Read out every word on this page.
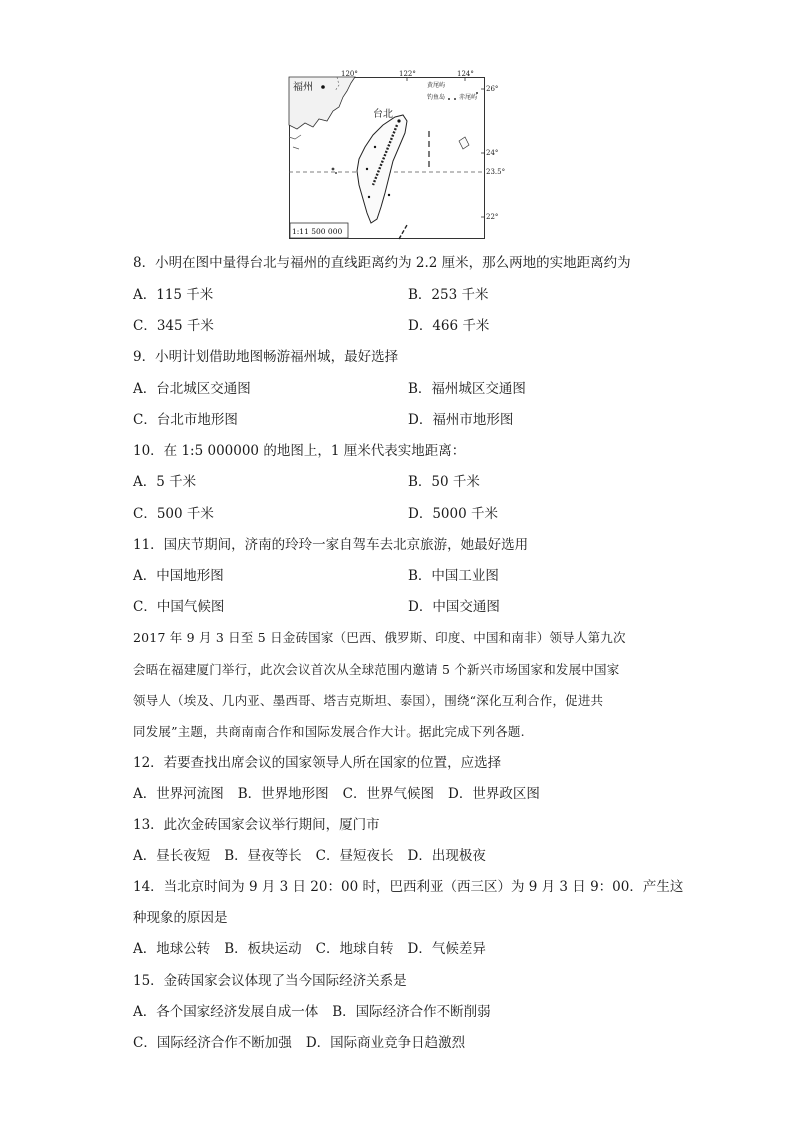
120°	122°	124°
26°
24°
23.5°
22°
福州
台北
黄尾屿
钓鱼岛 赤尾屿
1:11 500 000
8．小明在图中量得台北与福州的直线距离约为 2.2 厘米，那么两地的实地距离约为
A．115 千米	B．253 千米
C．345 千米	D．466 千米
9．小明计划借助地图畅游福州城，最好选择
A．台北城区交通图	B．福州城区交通图
C．台北市地形图	D．福州市地形图
10．在 1:5 000000 的地图上，1 厘米代表实地距离：
A．5 千米	B．50 千米
C．500 千米	D．5000 千米
11．国庆节期间，济南的玲玲一家自驾车去北京旅游，她最好选用
A．中国地形图	B．中国工业图
C．中国气候图	D．中国交通图
2017 年 9 月 3 日至 5 日金砖国家（巴西、俄罗斯、印度、中国和南非）领导人第九次
会晤在福建厦门举行，此次会议首次从全球范围内邀请 5 个新兴市场国家和发展中国家
领导人（埃及、几内亚、墨西哥、塔吉克斯坦、泰国），围绕“深化互利合作，促进共
同发展”主题，共商南南合作和国际发展合作大计。据此完成下列各题.
12．若要查找出席会议的国家领导人所在国家的位置，应选择
A．世界河流图 B．世界地形图 C．世界气候图 D．世界政区图
13．此次金砖国家会议举行期间，厦门市
A．昼长夜短 B．昼夜等长 C．昼短夜长 D．出现极夜
14．当北京时间为 9 月 3 日 20：00 时，巴西利亚（西三区）为 9 月 3 日 9：00．产生这
种现象的原因是
A．地球公转 B．板块运动 C．地球自转 D．气候差异
15．金砖国家会议体现了当今国际经济关系是
A．各个国家经济发展自成一体 B．国际经济合作不断削弱
C．国际经济合作不断加强 D．国际商业竞争日趋激烈
